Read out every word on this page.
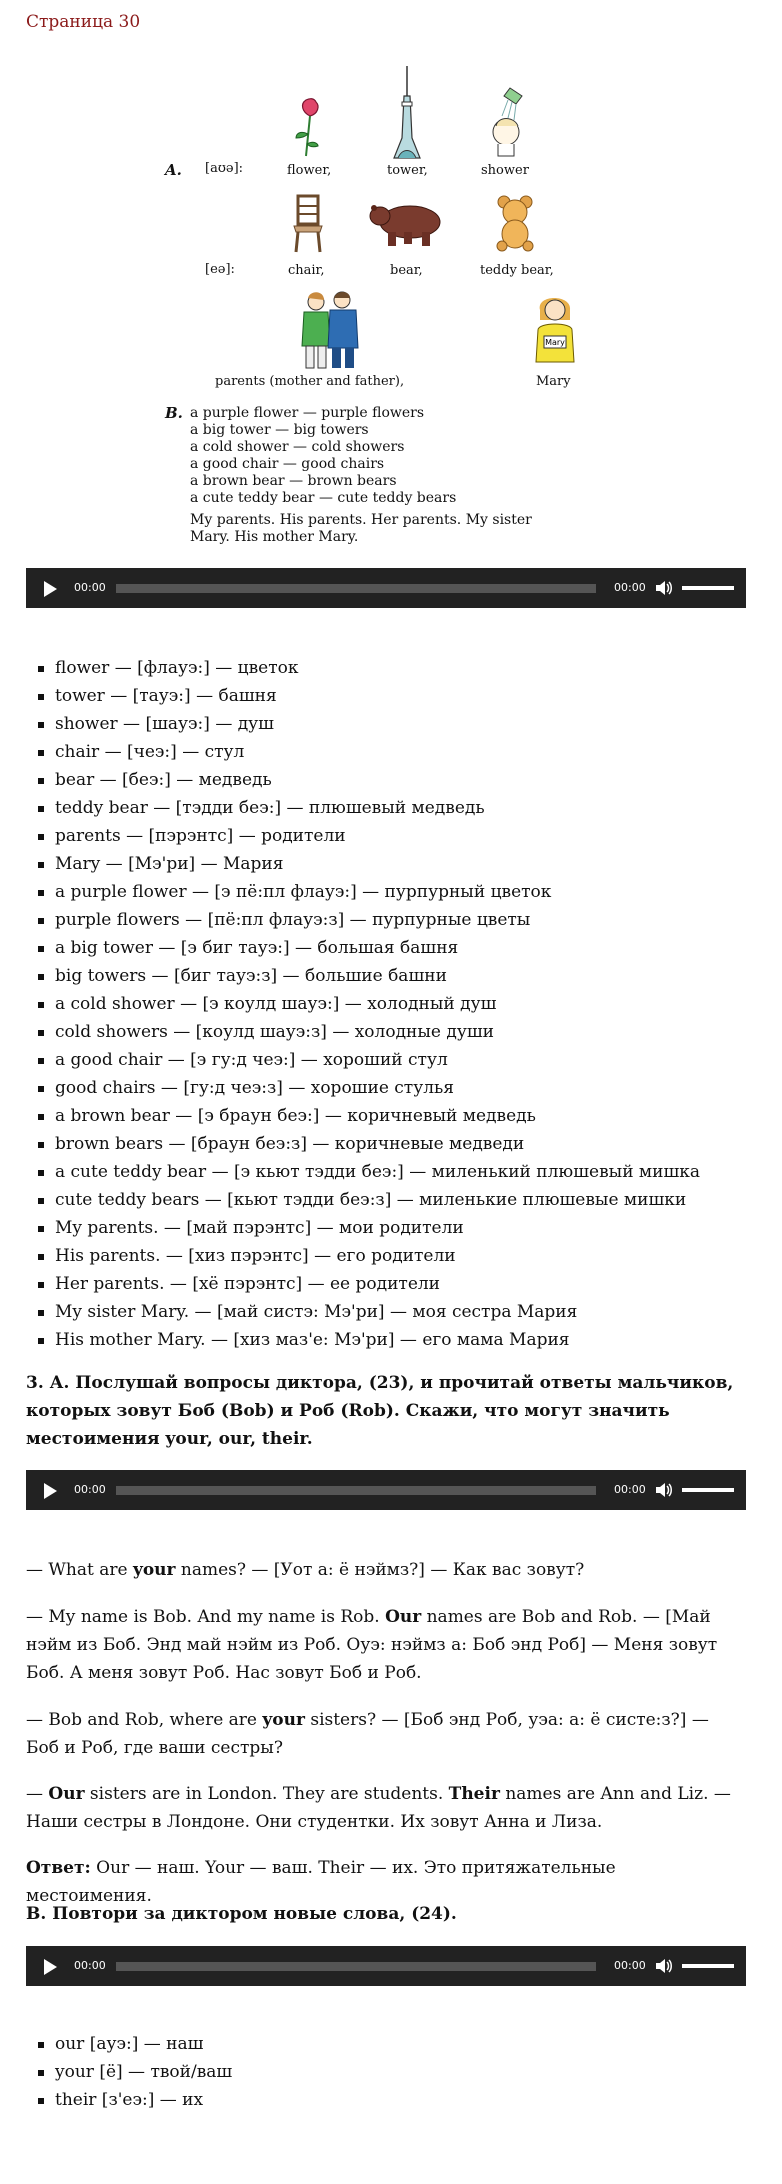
Страница 30
A. [aʊə]:	flower,	tower,	shower
[eə]:	chair,	bear,	teddy bear,
Mary
parents (mother and father),	Mary
B. a purple flower — purple flowers
a big tower — big towers
a cold shower — cold showers
a good chair — good chairs
a brown bear — brown bears
a cute teddy bear — cute teddy bears
My parents. His parents. Her parents. My sister
Mary. His mother Mary.
00:00	00:00
flower — [флауэ:] — цветок
tower — [тауэ:] — башня
shower — [шауэ:] — душ
chair — [чеэ:] — стул
bear — [беэ:] — медведь
teddy bear — [тэдди беэ:] — плюшевый медведь
parents — [пэрэнтс] — родители
Mary — [Мэ'ри] — Мария
a purple flower — [э пё:пл флауэ:] — пурпурный цветок
purple flowers — [пё:пл флауэ:з] — пурпурные цветы
a big tower — [э биг тауэ:] — большая башня
big towers — [биг тауэ:з] — большие башни
a cold shower — [э коулд шауэ:] — холодный душ
cold showers — [коулд шауэ:з] — холодные души
a good chair — [э гу:д чеэ:] — хороший стул
good chairs — [гу:д чеэ:з] — хорошие стулья
a brown bear — [э браун беэ:] — коричневый медведь
brown bears — [браун беэ:з] — коричневые медведи
a cute teddy bear — [э кьют тэдди беэ:] — миленький плюшевый мишка
cute teddy bears — [кьют тэдди беэ:з] — миленькие плюшевые мишки
My parents. — [май пэрэнтс] — мои родители
His parents. — [хиз пэрэнтс] — его родители
Her parents. — [хё пэрэнтс] — ее родители
My sister Mary. — [май систэ: Мэ'ри] — моя сестра Мария
His mother Mary. — [хиз маз'е: Мэ'ри] — его мама Мария

3. А. Послушай вопросы диктора, (23), и прочитай ответы мальчиков, которых зовут Боб (Bob) и Роб (Rob). Скажи, что могут значить местоимения your, our, their.

00:00	00:00

— What are your names? — [Уот а: ё нэймз?] — Как вас зовут?

— My name is Bob. And my name is Rob. Our names are Bob and Rob. — [Май нэйм из Боб. Энд май нэйм из Роб. Оуэ: нэймз а: Боб энд Роб] — Меня зовут Боб. А меня зовут Роб. Нас зовут Боб и Роб.

— Bob and Rob, where are your sisters? — [Боб энд Роб, уэа: а: ё систе:з?] — Боб и Роб, где ваши сестры?

— Our sisters are in London. They are students. Their names are Ann and Liz. — Наши сестры в Лондоне. Они студентки. Их зовут Анна и Лиза.

Ответ: Our — наш. Your — ваш. Their — их. Это притяжательные местоимения.

В. Повтори за диктором новые слова, (24).

00:00	00:00
our [ауэ:] — наш
your [ё] — твой/ваш
their [з'еэ:] — их
